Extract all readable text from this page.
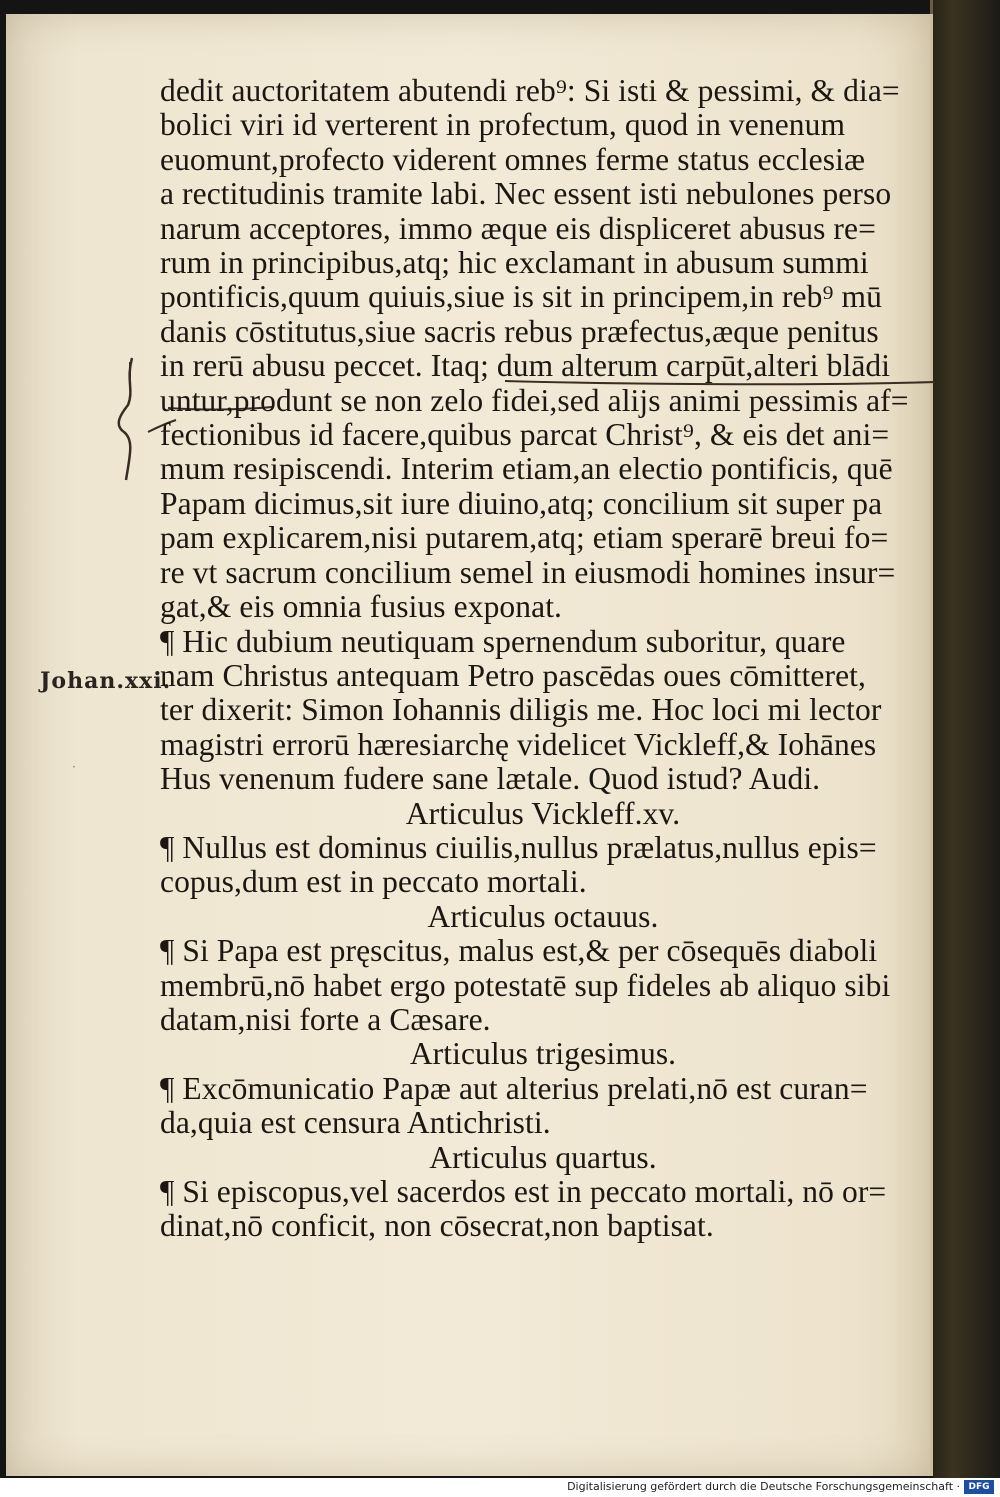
Johan.xxi.
·
dedit auctoritatem abutendi reb⁹: Si isti & pessimi, & dia=
bolici viri id verterent in profectum, quod in venenum
euomunt,profecto viderent omnes ferme status ecclesiæ
a rectitudinis tramite labi. Nec essent isti nebulones perso
narum acceptores, immo æque eis displiceret abusus re=
rum in principibus,atq; hic exclamant in abusum summi
pontificis,quum quiuis,siue is sit in principem,in reb⁹ mū
danis cōstitutus,siue sacris rebus præfectus,æque penitus
in rerū abusu peccet. Itaq; dum alterum carpūt,alteri blādi
untur,produnt se non zelo fidei,sed alijs animi pessimis af=
fectionibus id facere,quibus parcat Christ⁹, & eis det ani=
mum resipiscendi. Interim etiam,an electio pontificis, quē
Papam dicimus,sit iure diuino,atq; concilium sit super pa
pam explicarem,nisi putarem,atq; etiam sperarē breui fo=
re vt sacrum concilium semel in eiusmodi homines insur=
gat,& eis omnia fusius exponat.
¶ Hic dubium neutiquam spernendum suboritur, quare
nam Christus antequam Petro pascēdas oues cōmitteret,
ter dixerit: Simon Iohannis diligis me. Hoc loci mi lector
magistri errorū hæresiarchę videlicet Vickleff,& Iohānes
Hus venenum fudere sane lætale. Quod istud? Audi.
Articulus Vickleff.xv.
¶ Nullus est dominus ciuilis,nullus prælatus,nullus epis=
copus,dum est in peccato mortali.
Articulus octauus.
¶ Si Papa est pręscitus, malus est,& per cōsequēs diaboli
membrū,nō habet ergo potestatē sup fideles ab aliquo sibi
datam,nisi forte a Cæsare.
Articulus trigesimus.
¶ Excōmunicatio Papæ aut alterius prelati,nō est curan=
da,quia est censura Antichristi.
Articulus quartus.
¶ Si episcopus,vel sacerdos est in peccato mortali, nō or=
dinat,nō conficit, non cōsecrat,non baptisat.
Digitalisierung gefördert durch die Deutsche Forschungsgemeinschaft · DFG
